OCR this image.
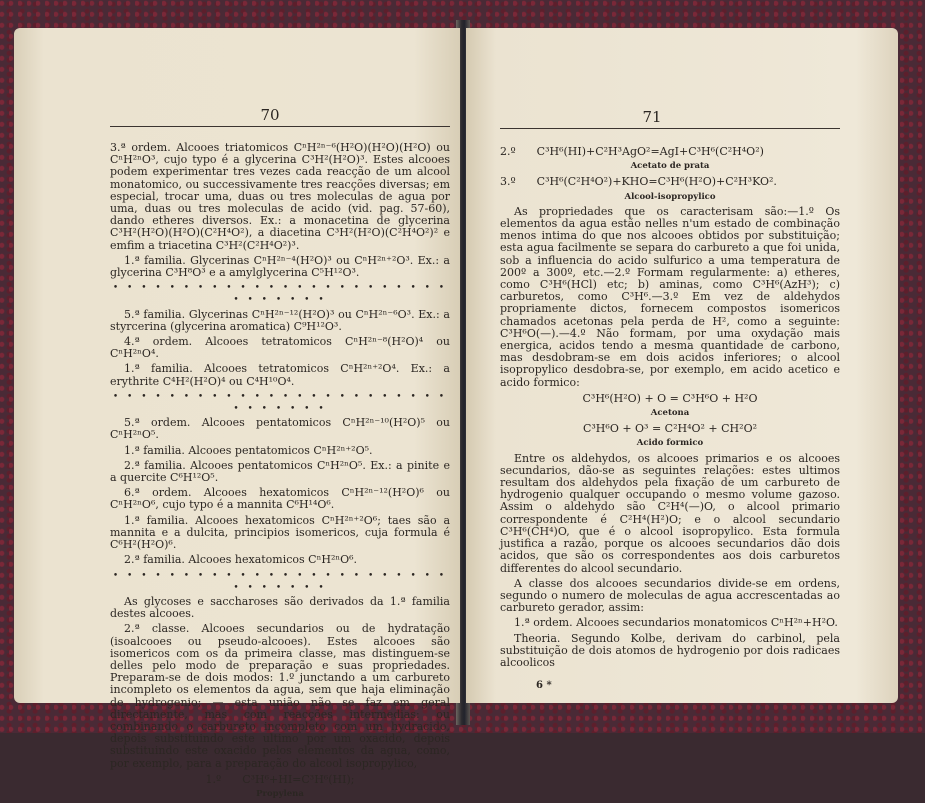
70

3.ª ordem. Alcooes triatomicos CⁿH²ⁿ⁻⁶(H²O)(H²O)(H²O) ou CⁿH²ⁿO³, cujo typo é a glycerina C³H²(H²O)³. Estes alcooes podem experimentar tres vezes cada reacção de um alcool monatomico, ou successivamente tres reacções diversas; em especial, trocar uma, duas ou tres moleculas de agua por uma, duas ou tres moleculas de acido (vid. pag. 57-60), dando etheres diversos. Ex.: a monacetina de glycerina C³H²(H²O)(H²O)(C²H⁴O²), a diacetina C³H²(H²O)(C²H⁴O²)² e emfim a triacetina C³H²(C²H⁴O²)³.

1.ª familia. Glycerinas CⁿH²ⁿ⁻⁴(H²O)³ ou CⁿH²ⁿ⁺²O³. Ex.: a glycerina C³H⁸O³ e a amylglycerina C⁵H¹²O³.

• • • • • • • • • • • • • • • • • • • • • • • • • • • • • • •

5.ª familia. Glycerinas CⁿH²ⁿ⁻¹²(H²O)³ ou CⁿH²ⁿ⁻⁶O³. Ex.: a styrcerina (glycerina aromatica) C⁹H¹²O³.

4.ª ordem. Alcooes tetratomicos CⁿH²ⁿ⁻⁸(H²O)⁴ ou CⁿH²ⁿO⁴.

1.ª familia. Alcooes tetratomicos CⁿH²ⁿ⁺²O⁴. Ex.: a erythrite C⁴H²(H²O)⁴ ou C⁴H¹⁰O⁴.

• • • • • • • • • • • • • • • • • • • • • • • • • • • • • • •

5.ª ordem. Alcooes pentatomicos CⁿH²ⁿ⁻¹⁰(H²O)⁵ ou CⁿH²ⁿO⁵.

1.ª familia. Alcooes pentatomicos CⁿH²ⁿ⁺²O⁵.

2.ª familia. Alcooes pentatomicos CⁿH²ⁿO⁵. Ex.: a pinite e a quercite C⁶H¹²O⁵.

6.ª ordem. Alcooes hexatomicos CⁿH²ⁿ⁻¹²(H²O)⁶ ou CⁿH²ⁿO⁶, cujo typo é a mannita C⁶H¹⁴O⁶.

1.ª familia. Alcooes hexatomicos CⁿH²ⁿ⁺²O⁶; taes são a mannita e a dulcita, principios isomericos, cuja formula é C⁶H²(H²O)⁶.

2.ª familia. Alcooes hexatomicos CⁿH²ⁿO⁶.

• • • • • • • • • • • • • • • • • • • • • • • • • • • • • • •

As glycoses e saccharoses são derivados da 1.ª familia destes alcooes.

2.ª classe. Alcooes secundarios ou de hydratação (isoalcooes ou pseudo-alcooes). Estes alcooes são isomericos com os da primeira classe, mas distinguem-se delles pelo modo de preparação e suas propriedades. Preparam-se de dois modos: 1.º junctando a um carbureto incompleto os elementos da agua, sem que haja eliminação de hydrogenio; — esta união não se faz em geral directamente, mas com reacções intermedias: ou combinando o carbureto incompleto com um hydracido, depois substituindo este ultimo por um oxacido, depois substituindo este oxacido pelos elementos da agua, como, por exemplo, para a preparação do alcool isopropylico,

1.º C³H⁶+HI=C³H⁶(HI);
Propylena
71
2.º C³H⁶(HI)+C²H³AgO²=AgI+C³H⁶(C²H⁴O²)
Acetato de prata
3.º C³H⁶(C²H⁴O²)+KHO=C³H⁶(H²O)+C²H³KO².
Alcool-isopropylico

As propriedades que os caracterisam são:—1.º Os elementos da agua estão nelles n'um estado de combinação menos intima do que nos alcooes obtidos por substituição; esta agua facilmente se separa do carbureto a que foi unida, sob a influencia do acido sulfurico a uma temperatura de 200º a 300º, etc.—2.º Formam regularmente: a) etheres, como C³H⁶(HCl) etc; b) aminas, como C³H⁶(AzH³); c) carburetos, como C³H⁶.—3.º Em vez de aldehydos propriamente dictos, fornecem compostos isomericos chamados acetonas pela perda de H², como a seguinte: C³H⁶O(—).—4.º Não formam, por uma oxydação mais energica, acidos tendo a mesma quantidade de carbono, mas desdobram-se em dois acidos inferiores; o alcool isopropylico desdobra-se, por exemplo, em acido acetico e acido formico:

C³H⁶(H²O) + O = C³H⁶O + H²O
Acetona
C³H⁶O + O³ = C²H⁴O² + CH²O²
Acido formico

Entre os aldehydos, os alcooes primarios e os alcooes secundarios, dão-se as seguintes relações: estes ultimos resultam dos aldehydos pela fixação de um carbureto de hydrogenio qualquer occupando o mesmo volume gazoso. Assim o aldehydo são C²H⁴(—)O, o alcool primario correspondente é C²H⁴(H²)O; e o alcool secundario C³H⁶(CH⁴)O, que é o alcool isopropylico. Esta formula justifica a razão, porque os alcooes secundarios dão dois acidos, que são os correspondentes aos dois carburetos differentes do alcool secundario.

A classe dos alcooes secundarios divide-se em ordens, segundo o numero de moleculas de agua accrescentadas ao carbureto gerador, assim:

1.ª ordem. Alcooes secundarios monatomicos CⁿH²ⁿ+H²O.

Theoria. Segundo Kolbe, derivam do carbinol, pela substituição de dois atomos de hydrogenio por dois radicaes alcoolicos

6 *
